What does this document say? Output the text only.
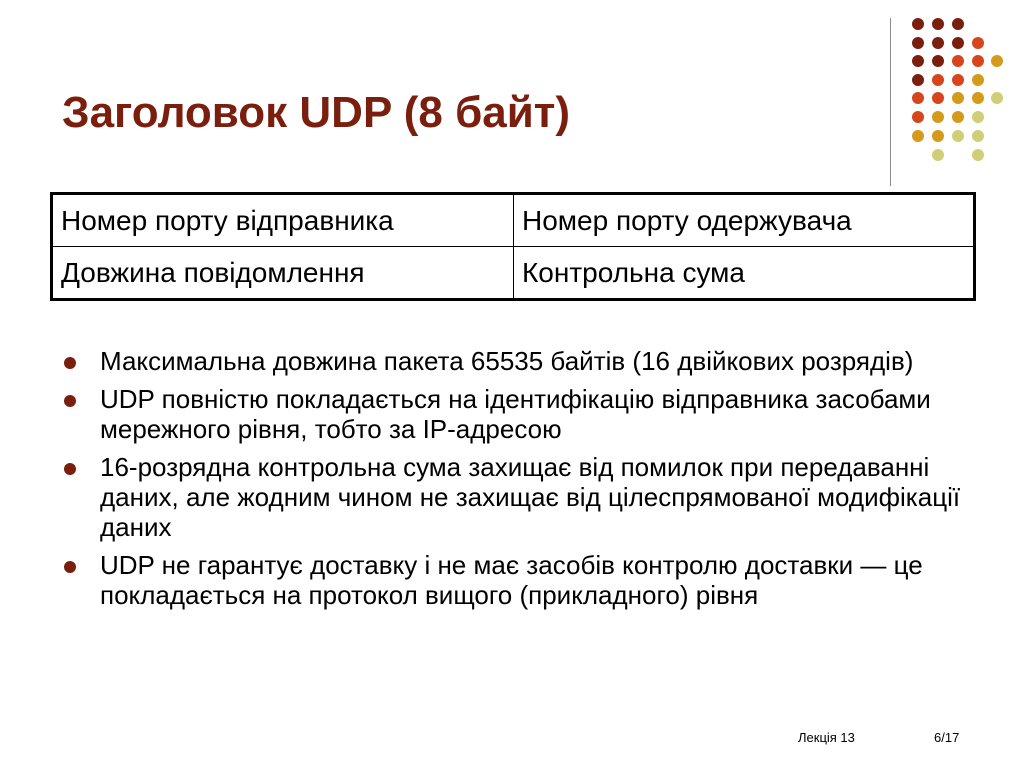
Заголовок UDP (8 байт)
Номер порту відправника	Номер порту одержувача
Довжина повідомлення	Контрольна сума
Максимальна довжина пакета 65535 байтів (16 двійкових розрядів)
UDP повністю покладається на ідентифікацію відправника засобами мережного рівня, тобто за IP-адресою
16-розрядна контрольна сума захищає від помилок при передаванні даних, але жодним чином не захищає від цілеспрямованої модифікації даних
UDP не гарантує доставку і не має засобів контролю доставки — це покладається на протокол вищого (прикладного) рівня
Лекція 13	6/17
